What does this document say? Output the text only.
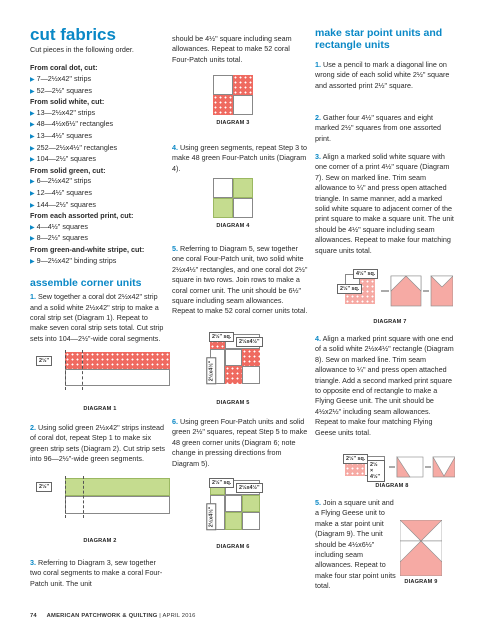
cut fabrics
Cut pieces in the following order.
From coral dot, cut:
▶ 7—2½x42" strips
▶ 52—2½" squares
From solid white, cut:
▶ 13—2½x42" strips
▶ 48—4½x6½" rectangles
▶ 13—4½" squares
▶ 252—2½x4½" rectangles
▶ 104—2½" squares
From solid green, cut:
▶ 6—2½x42" strips
▶ 12—4½" squares
▶ 144—2½" squares
From each assorted print, cut:
▶ 4—4½" squares
▶ 8—2½" squares
From green-and-white stripe, cut:
▶ 9—2½x42" binding strips
assemble corner units
1. Sew together a coral dot 2½x42" strip and a solid white 2½x42" strip to make a coral strip set (Diagram 1). Repeat to make seven coral strip sets total. Cut strip sets into 104—2½"-wide coral segments.
2½"
DIAGRAM 1
2. Using solid green 2½x42" strips instead of coral dot, repeat Step 1 to make six green strip sets (Diagram 2). Cut strip sets into 96—2½"-wide green segments.
2½"
DIAGRAM 2
3. Referring to Diagram 3, sew together two coral segments to make a coral Four-Patch unit. The unit
should be 4½" square including seam allowances. Repeat to make 52 coral Four-Patch units total.
DIAGRAM 3
4. Using green segments, repeat Step 3 to make 48 green Four-Patch units (Diagram 4).
DIAGRAM 4
5. Referring to Diagram 5, sew together one coral Four-Patch unit, two solid white 2½x4½" rectangles, and one coral dot 2½" square in two rows. Join rows to make a coral corner unit. The unit should be 6½" square including seam allowances. Repeat to make 52 coral corner units total.
2½" sq.
2½x4½"
2½x4½"
DIAGRAM 5
6. Using green Four-Patch units and solid green 2½" squares, repeat Step 5 to make 48 green corner units (Diagram 6; note change in pressing directions from Diagram 5).
2½" sq.
2½x4½"
2½x4½"
DIAGRAM 6
make star point units and rectangle units
1. Use a pencil to mark a diagonal line on wrong side of each solid white 2½" square and assorted print 2½" square.
2. Gather four 4½" squares and eight marked 2½" squares from one assorted print.
3. Align a marked solid white square with one corner of a print 4½" square (Diagram 7). Sew on marked line. Trim seam allowance to ¼" and press open attached triangle. In same manner, add a marked solid white square to adjacent corner of the print square to make a square unit. The unit should be 4½" square including seam allowances. Repeat to make four matching square units total.
4½" sq.
2½" sq.
DIAGRAM 7
4. Align a marked print square with one end of a solid white 2½x4½" rectangle (Diagram 8). Sew on marked line. Trim seam allowance to ¼" and press open attached triangle. Add a second marked print square to opposite end of rectangle to make a Flying Geese unit. The unit should be 4½x2½" including seam allowances. Repeat to make four matching Flying Geese units total.
2½" sq.
2½ × 4½"
DIAGRAM 8
5. Join a square unit and a Flying Geese unit to make a star point unit (Diagram 9). The unit should be 4½x6½" including seam allowances. Repeat to make four star point units total.	DIAGRAM 9
74 AMERICAN PATCHWORK & QUILTING | APRIL 2016
